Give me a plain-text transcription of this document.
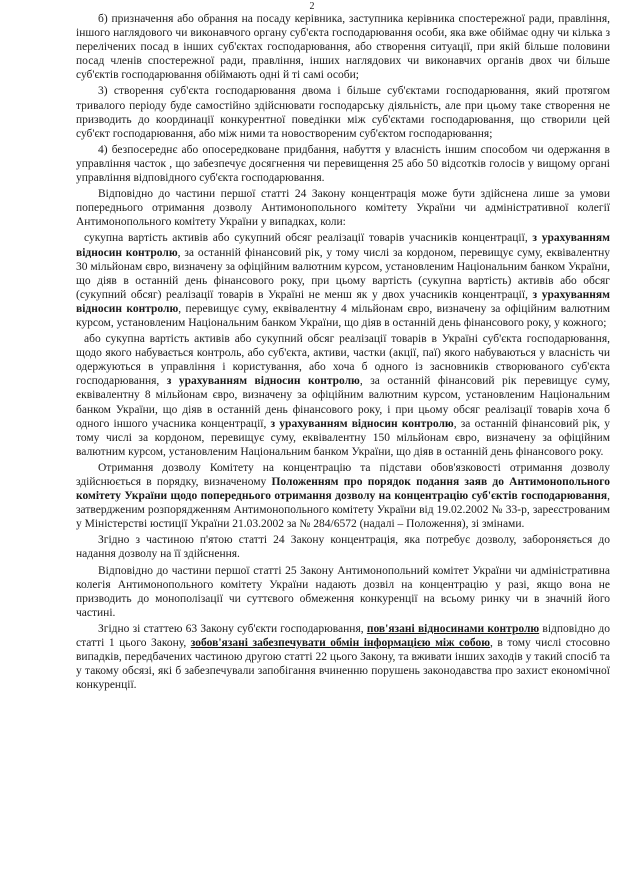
2

б) призначення або обрання на посаду керівника, заступника керівника спостережної ради, правління, іншого наглядового чи виконавчого органу суб'єкта господарювання особи, яка вже обіймає одну чи кілька з перелічених посад в інших суб'єктах господарювання, або створення ситуації, при якій більше половини посад членів спостережної ради, правління, інших наглядових чи виконавчих органів двох чи більше суб'єктів господарювання обіймають одні й ті самі особи;

3) створення суб'єкта господарювання двома і більше суб'єктами господарювання, який протягом тривалого періоду буде самостійно здійснювати господарську діяльність, але при цьому таке створення не призводить до координації конкурентної поведінки між суб'єктами господарювання, що створили цей суб'єкт господарювання, або між ними та новоствореним суб'єктом господарювання;

4) безпосереднє або опосередковане придбання, набуття у власність іншим способом чи одержання в управління часток , що забезпечує досягнення чи перевищення 25 або 50 відсотків голосів у вищому органі управління відповідного суб'єкта господарювання.

Відповідно до частини першої статті 24 Закону концентрація може бути здійснена лише за умови попереднього отримання дозволу Антимонопольного комітету України чи адміністративної колегії Антимонопольного комітету України у випадках, коли:

сукупна вартість активів або сукупний обсяг реалізації товарів учасників концентрації, з урахуванням відносин контролю, за останній фінансовий рік, у тому числі за кордоном, перевищує суму, еквівалентну 30 мільйонам євро, визначену за офіційним валютним курсом, установленим Національним банком України, що діяв в останній день фінансового року, при цьому вартість (сукупна вартість) активів або обсяг (сукупний обсяг) реалізації товарів в Україні не менш як у двох учасників концентрації, з урахуванням відносин контролю, перевищує суму, еквівалентну 4 мільйонам євро, визначену за офіційним валютним курсом, установленим Національним банком України, що діяв в останній день фінансового року, у кожного;

або сукупна вартість активів або сукупний обсяг реалізації товарів в Україні суб'єкта господарювання, щодо якого набувається контроль, або суб'єкта, активи, частки (акції, паї) якого набуваються у власність чи одержуються в управління і користування, або хоча б одного із засновників створюваного суб'єкта господарювання, з урахуванням відносин контролю, за останній фінансовий рік перевищує суму, еквівалентну 8 мільйонам євро, визначену за офіційним валютним курсом, установленим Національним банком України, що діяв в останній день фінансового року, і при цьому обсяг реалізації товарів хоча б одного іншого учасника концентрації, з урахуванням відносин контролю, за останній фінансовий рік, у тому числі за кордоном, перевищує суму, еквівалентну 150 мільйонам євро, визначену за офіційним валютним курсом, установленим Національним банком України, що діяв в останній день фінансового року.

Отримання дозволу Комітету на концентрацію та підстави обов'язковості отримання дозволу здійснюється в порядку, визначеному Положенням про порядок подання заяв до Антимонопольного комітету України щодо попереднього отримання дозволу на концентрацію суб'єктів господарювання, затвердженим розпорядженням Антимонопольного комітету України від 19.02.2002 № 33-р, зареєстрованим у Міністерстві юстиції України 21.03.2002 за № 284/6572 (надалі – Положення), зі змінами.

Згідно з частиною п'ятою статті 24 Закону концентрація, яка потребує дозволу, забороняється до надання дозволу на її здійснення.

Відповідно до частини першої статті 25 Закону Антимонопольний комітет України чи адміністративна колегія Антимонопольного комітету України надають дозвіл на концентрацію у разі, якщо вона не призводить до монополізації чи суттєвого обмеження конкуренції на всьому ринку чи в значній його частині.

Згідно зі статтею 63 Закону суб'єкти господарювання, пов'язані відносинами контролю відповідно до статті 1 цього Закону, зобов'язані забезпечувати обмін інформацією між собою, в тому числі стосовно випадків, передбачених частиною другою статті 22 цього Закону, та вживати інших заходів у такий спосіб та у такому обсязі, які б забезпечували запобігання вчиненню порушень законодавства про захист економічної конкуренції.
